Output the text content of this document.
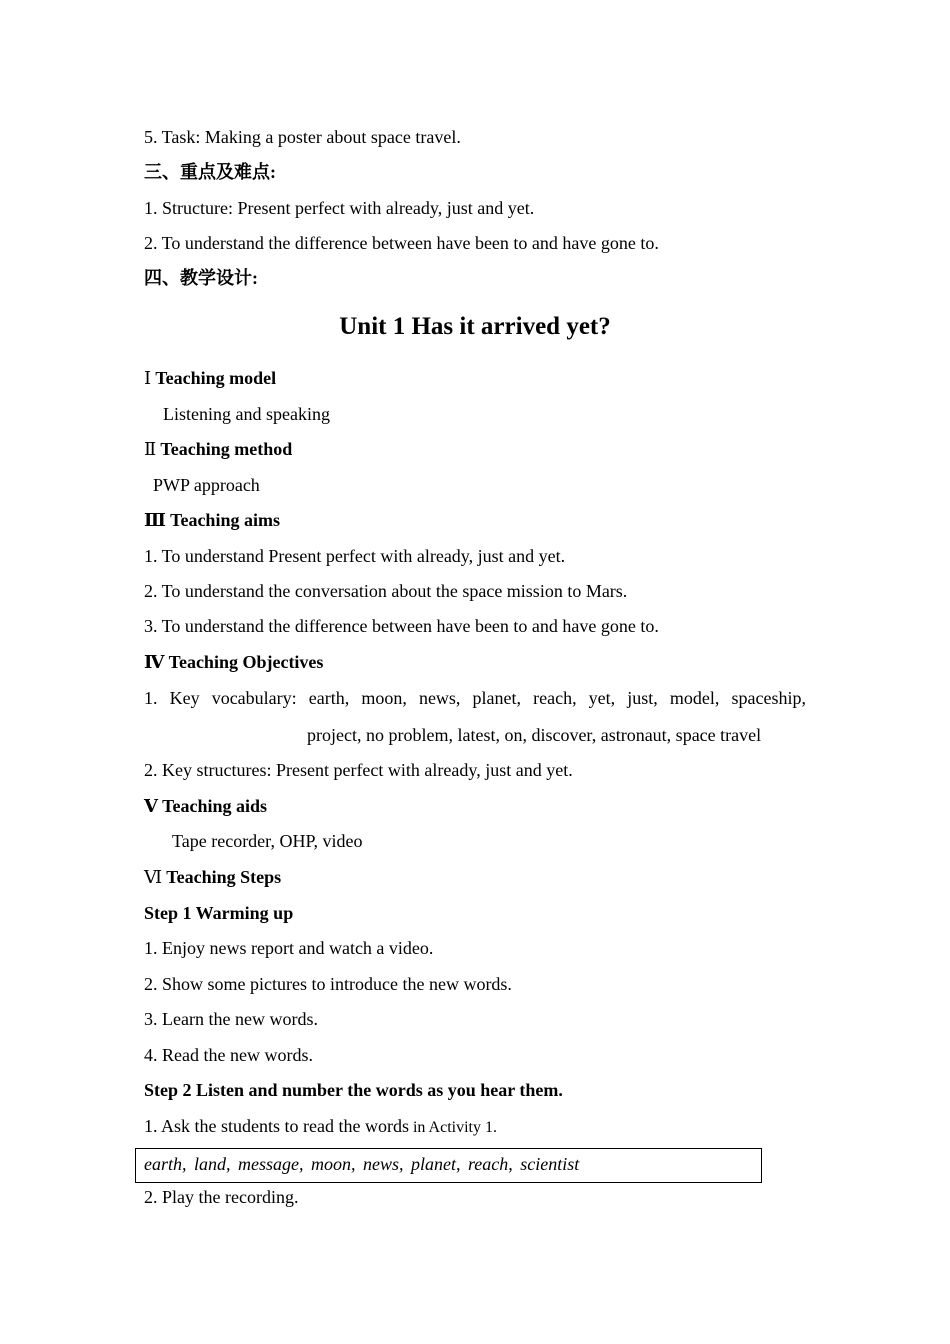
5. Task: Making a poster about space travel.
三、重点及难点:
1. Structure: Present perfect with already, just and yet.
2. To understand the difference between have been to and have gone to.
四、教学设计:
Unit 1 Has it arrived yet?
Ⅰ Teaching model
Listening and speaking
Ⅱ Teaching method
PWP approach
Ⅲ Teaching aims
1. To understand Present perfect with already, just and yet.
2. To understand the conversation about the space mission to Mars.
3. To understand the difference between have been to and have gone to.
Ⅳ Teaching Objectives
1. Key vocabulary: earth, moon, news, planet, reach, yet, just, model, spaceship,
project, no problem, latest, on, discover, astronaut, space travel
2. Key structures: Present perfect with already, just and yet.
Ⅴ Teaching aids
Tape recorder, OHP, video
Ⅵ Teaching Steps
Step 1 Warming up
1. Enjoy news report and watch a video.
2. Show some pictures to introduce the new words.
3. Learn the new words.
4. Read the new words.
Step 2 Listen and number the words as you hear them.
1. Ask the students to read the words in Activity 1.
earth, land, message, moon, news, planet, reach, scientist
2. Play the recording.
